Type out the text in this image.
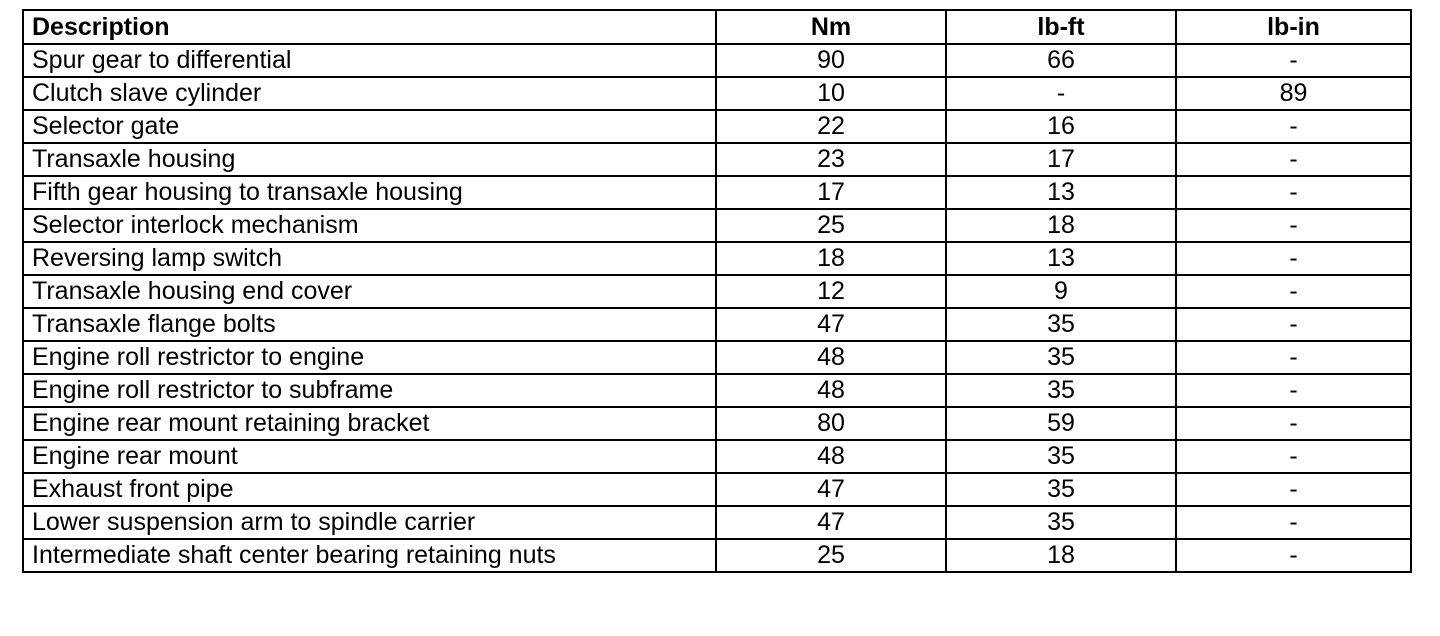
Description	Nm	lb-ft	lb-in
Spur gear to differential	90	66	-
Clutch slave cylinder	10	-	89
Selector gate	22	16	-
Transaxle housing	23	17	-
Fifth gear housing to transaxle housing	17	13	-
Selector interlock mechanism	25	18	-
Reversing lamp switch	18	13	-
Transaxle housing end cover	12	9	-
Transaxle flange bolts	47	35	-
Engine roll restrictor to engine	48	35	-
Engine roll restrictor to subframe	48	35	-
Engine rear mount retaining bracket	80	59	-
Engine rear mount	48	35	-
Exhaust front pipe	47	35	-
Lower suspension arm to spindle carrier	47	35	-
Intermediate shaft center bearing retaining nuts	25	18	-
